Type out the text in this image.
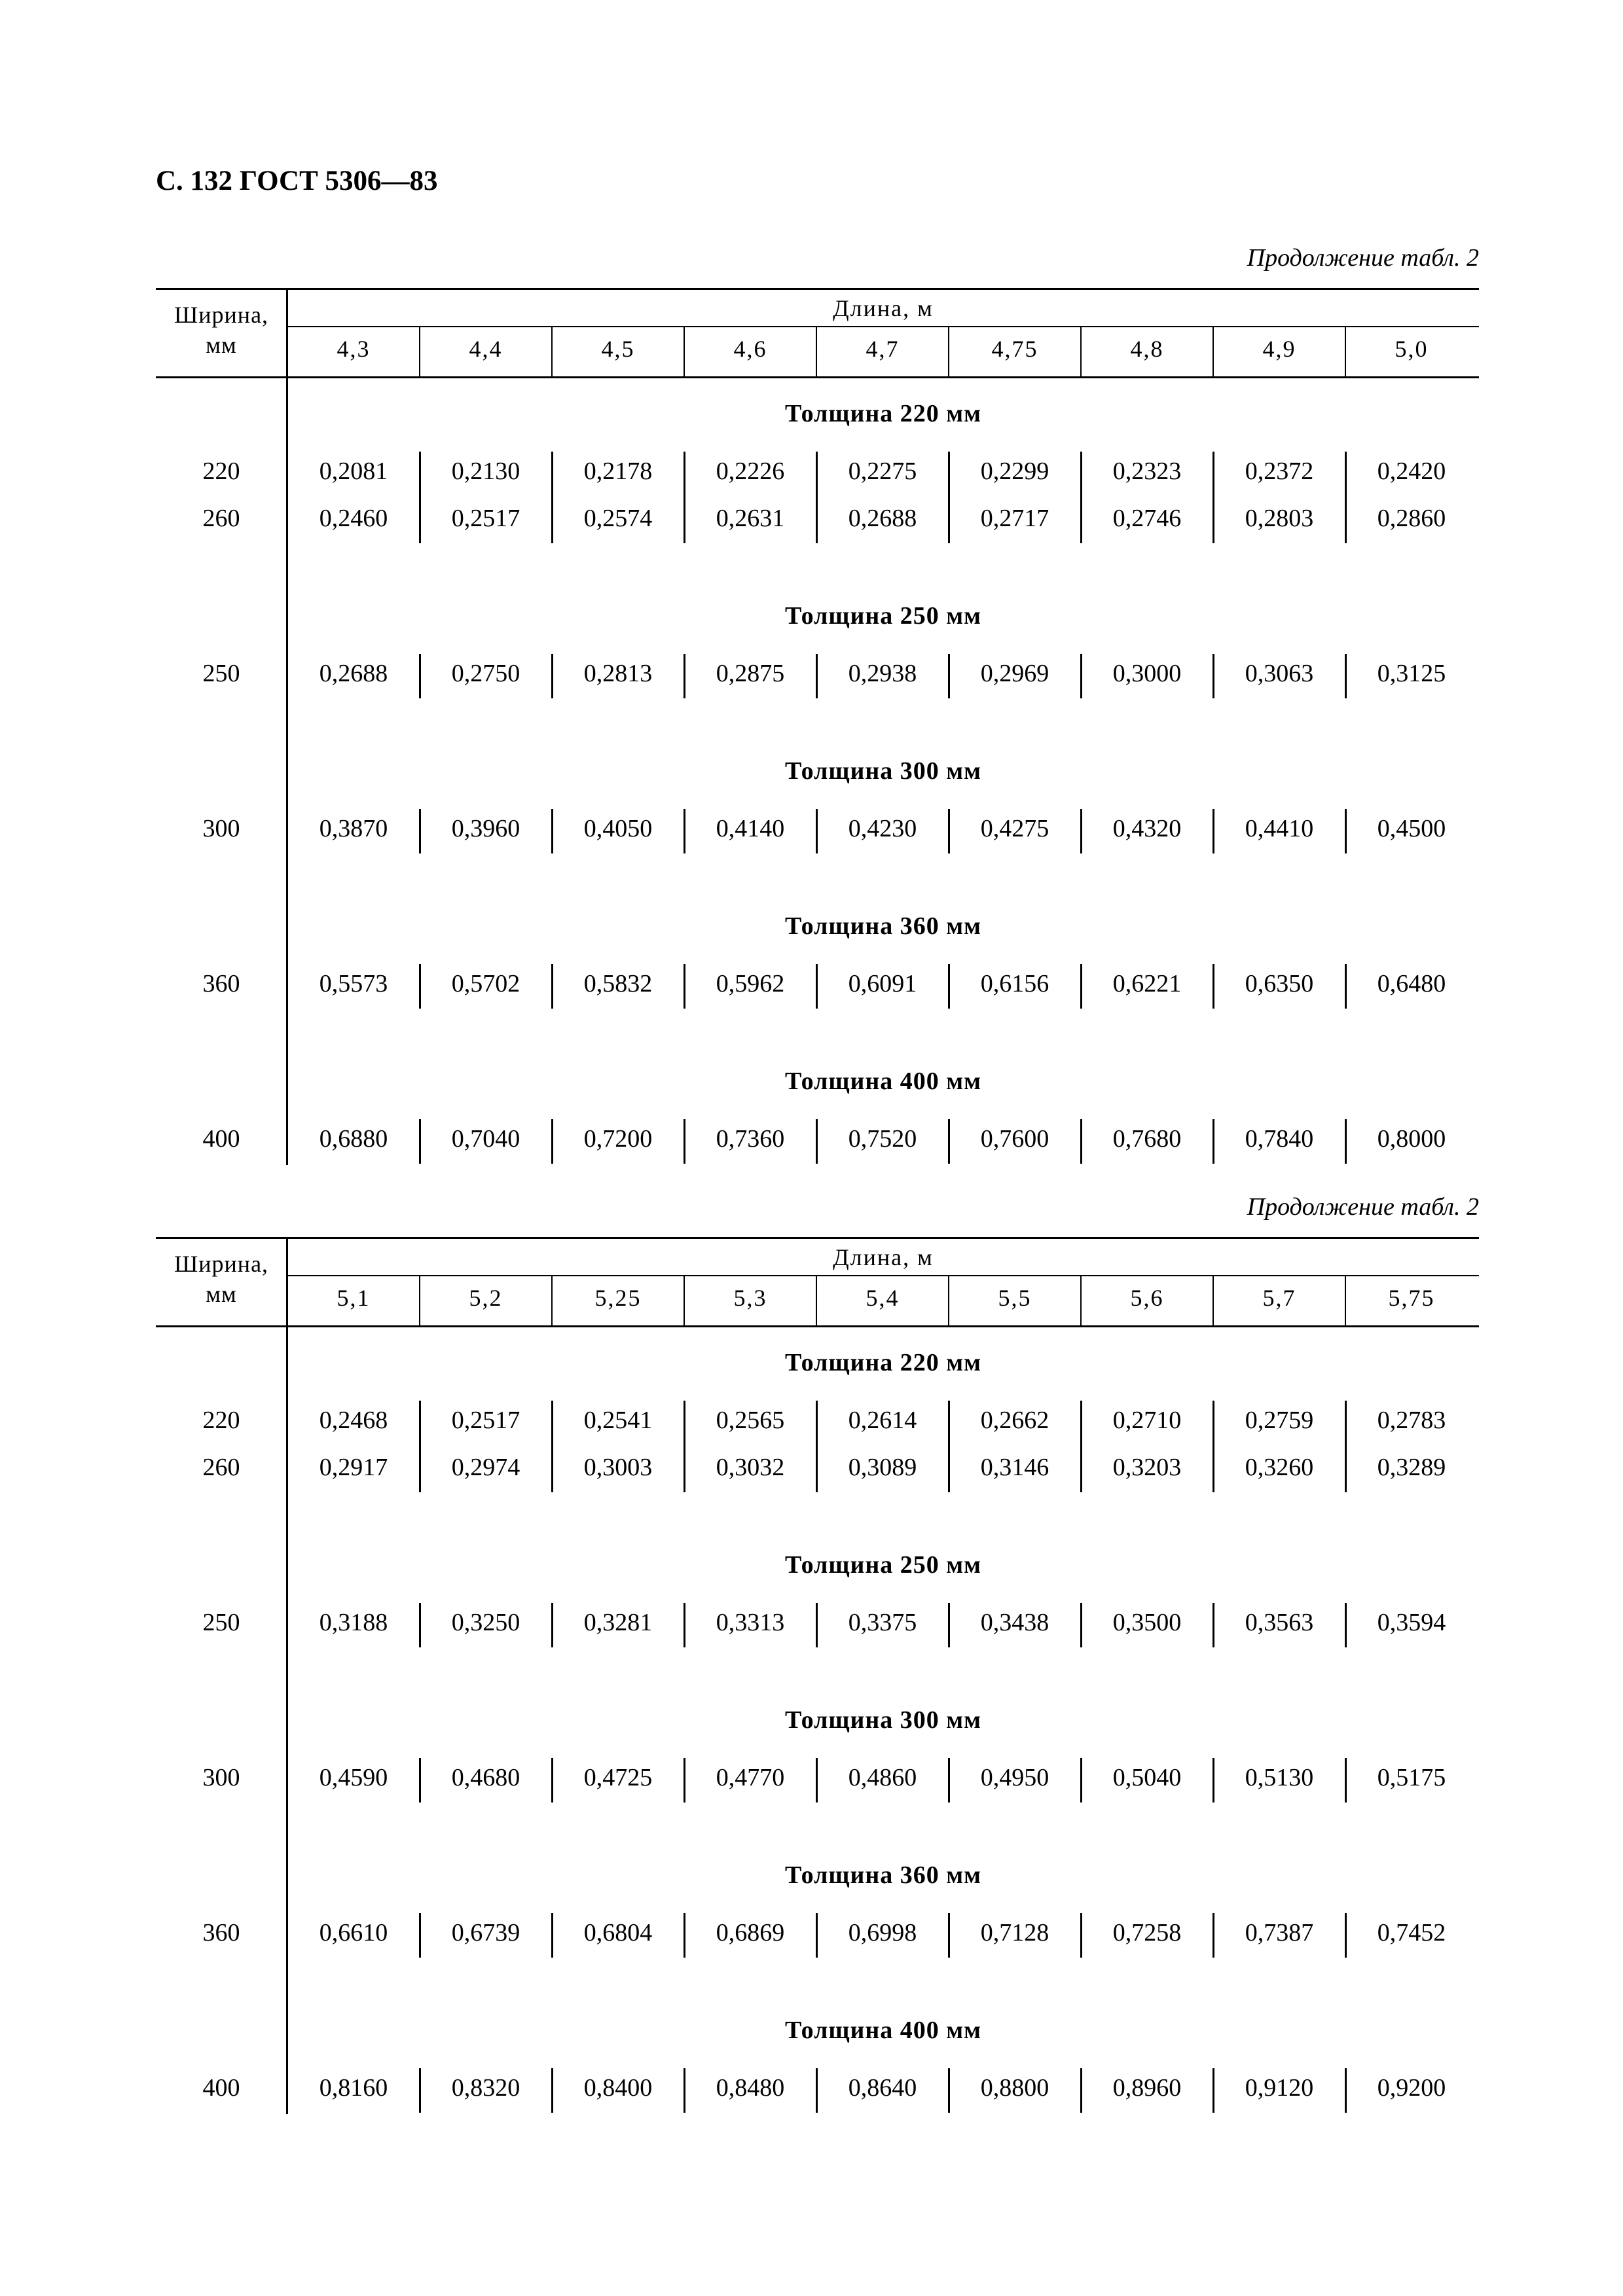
С. 132 ГОСТ 5306—83
Ширина,
мм
Длина, м
4,3	4,4	4,5	4,6	4,7	4,75	4,8	4,9	5,0
Толщина 220 мм
220	0,2081	0,2130	0,2178	0,2226	0,2275	0,2299	0,2323	0,2372	0,2420
260	0,2460	0,2517	0,2574	0,2631	0,2688	0,2717	0,2746	0,2803	0,2860
Толщина 250 мм
250	0,2688	0,2750	0,2813	0,2875	0,2938	0,2969	0,3000	0,3063	0,3125
Толщина 300 мм
300	0,3870	0,3960	0,4050	0,4140	0,4230	0,4275	0,4320	0,4410	0,4500
Толщина 360 мм
360	0,5573	0,5702	0,5832	0,5962	0,6091	0,6156	0,6221	0,6350	0,6480
Толщина 400 мм
400	0,6880	0,7040	0,7200	0,7360	0,7520	0,7600	0,7680	0,7840	0,8000
Ширина,
мм
Длина, м
5,1	5,2	5,25	5,3	5,4	5,5	5,6	5,7	5,75
Толщина 220 мм
220	0,2468	0,2517	0,2541	0,2565	0,2614	0,2662	0,2710	0,2759	0,2783
260	0,2917	0,2974	0,3003	0,3032	0,3089	0,3146	0,3203	0,3260	0,3289
Толщина 250 мм
250	0,3188	0,3250	0,3281	0,3313	0,3375	0,3438	0,3500	0,3563	0,3594
Толщина 300 мм
300	0,4590	0,4680	0,4725	0,4770	0,4860	0,4950	0,5040	0,5130	0,5175
Толщина 360 мм
360	0,6610	0,6739	0,6804	0,6869	0,6998	0,7128	0,7258	0,7387	0,7452
Толщина 400 мм
400	0,8160	0,8320	0,8400	0,8480	0,8640	0,8800	0,8960	0,9120	0,9200
Продолжение табл. 2
Продолжение табл. 2
